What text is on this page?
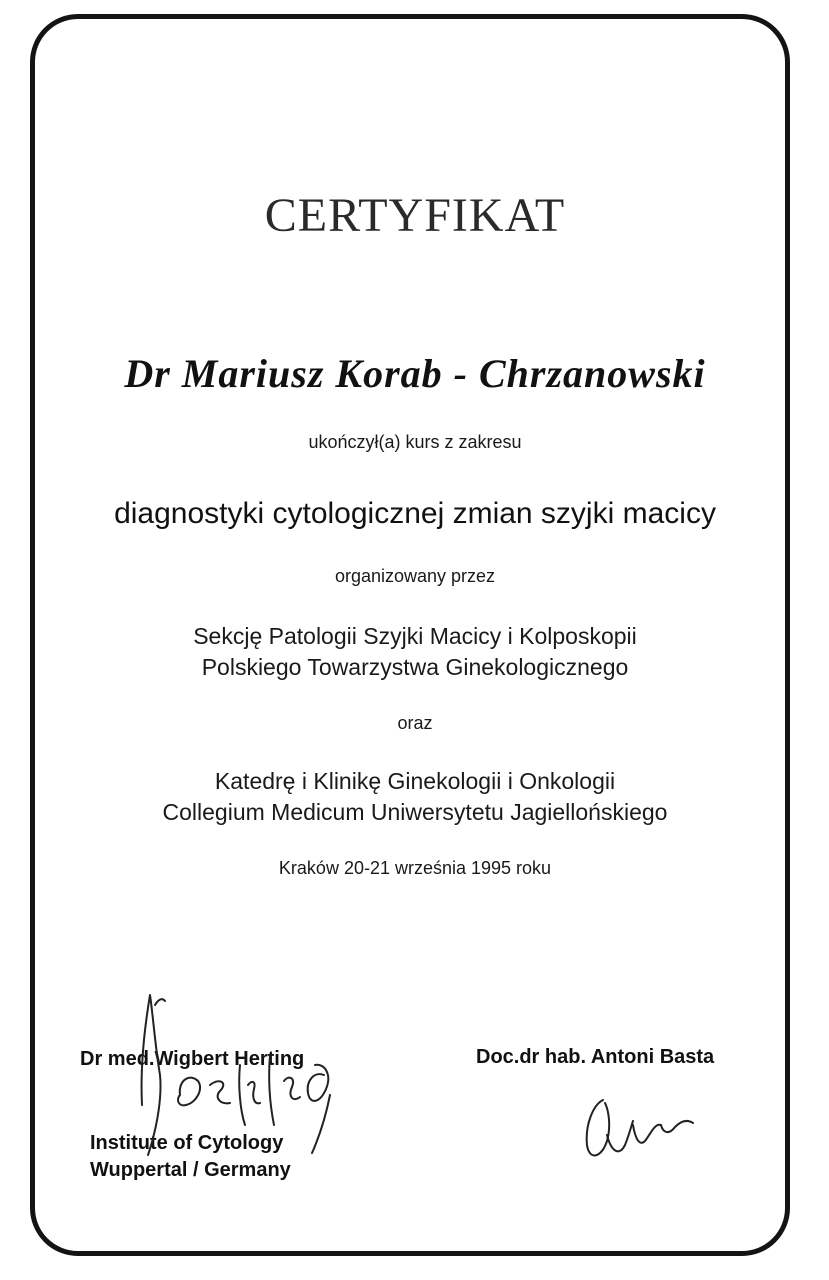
CERTYFIKAT
Dr Mariusz Korab - Chrzanowski
ukończył(a) kurs z zakresu
diagnostyki cytologicznej zmian szyjki macicy
organizowany przez
Sekcję Patologii Szyjki Macicy i Kolposkopii
Polskiego Towarzystwa Ginekologicznego
oraz
Katedrę i Klinikę Ginekologii i Onkologii
Collegium Medicum Uniwersytetu Jagiellońskiego
Kraków 20-21 września 1995 roku
Dr med.Wigbert Herting
Institute of Cytology
Wuppertal / Germany
Doc.dr hab. Antoni Basta
